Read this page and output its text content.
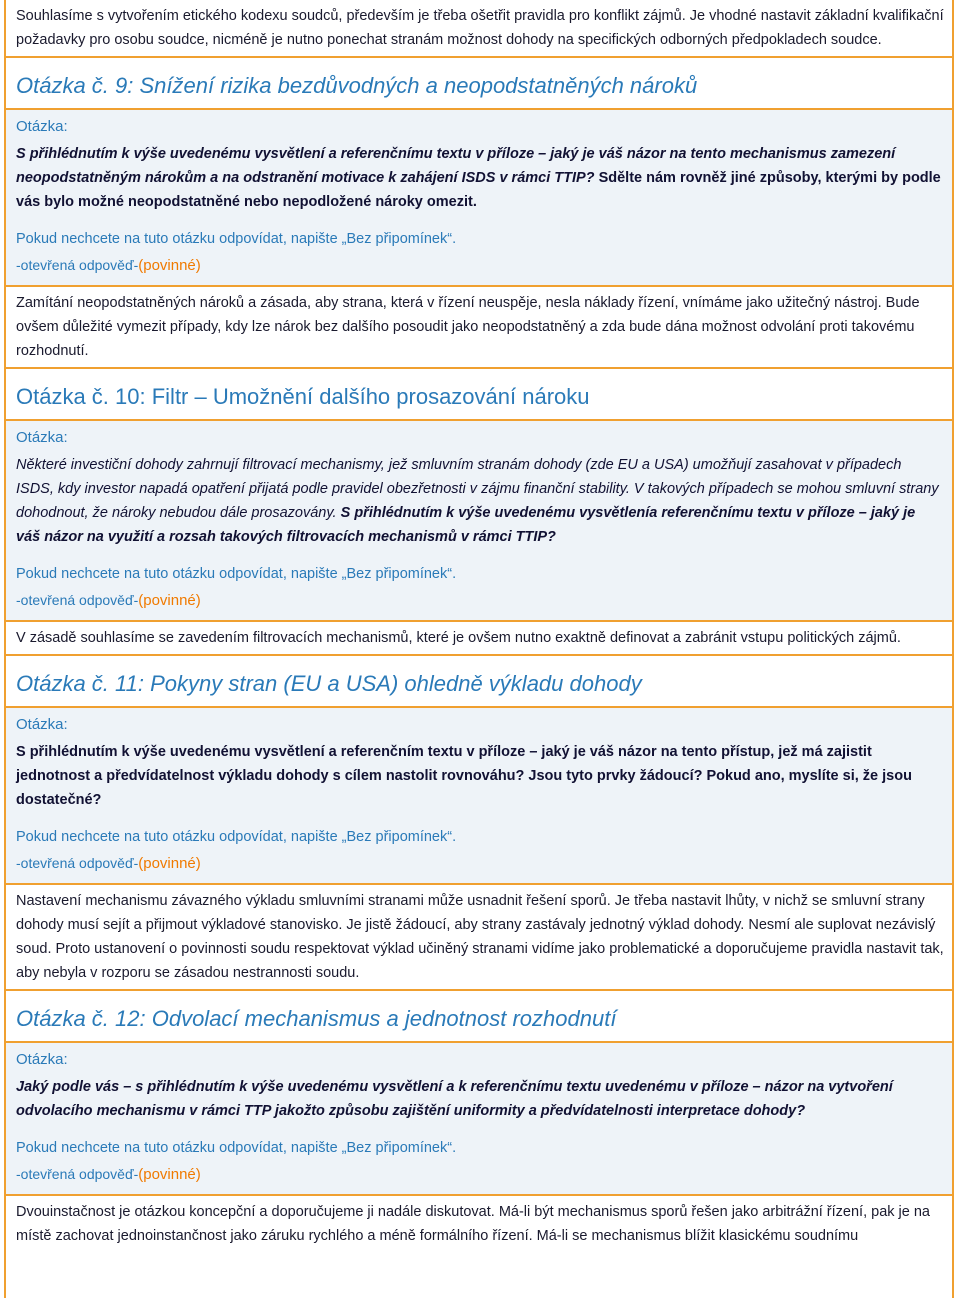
Souhlasíme s vytvořením etického kodexu soudců, především je třeba ošetřit pravidla pro konflikt zájmů. Je vhodné nastavit základní kvalifikační požadavky pro osobu soudce, nicméně je nutno ponechat stranám možnost dohody na specifických odborných předpokladech soudce.
Otázka č. 9: Snížení rizika bezdůvodných a neopodstatněných nároků
Otázka:
S přihlédnutím k výše uvedenému vysvětlení a referenčnímu textu v příloze – jaký je váš názor na tento mechanismus zamezení neopodstatněným nárokům a na odstranění motivace k zahájení ISDS v rámci TTIP? Sdělte nám rovněž jiné způsoby, kterými by podle vás bylo možné neopodstatněné nebo nepodložené nároky omezit.
Pokud nechcete na tuto otázku odpovídat, napište „Bez připomínek“.
-otevřená odpověď-(povinné)
Zamítání neopodstatněných nároků a zásada, aby strana, která v řízení neuspěje, nesla náklady řízení, vnímáme jako užitečný nástroj. Bude ovšem důležité vymezit případy, kdy lze nárok bez dalšího posoudit jako neopodstatněný a zda bude dána možnost odvolání proti takovému rozhodnutí.
Otázka č. 10: Filtr – Umožnění dalšího prosazování nároku
Otázka:
Některé investiční dohody zahrnují filtrovací mechanismy, jež smluvním stranám dohody (zde EU a USA) umožňují zasahovat v případech ISDS, kdy investor napadá opatření přijatá podle pravidel obezřetnosti v zájmu finanční stability. V takových případech se mohou smluvní strany dohodnout, že nároky nebudou dále prosazovány. S přihlédnutím k výše uvedenému vysvětlenía referenčnímu textu v příloze – jaký je váš názor na využití a rozsah takových filtrovacích mechanismů v rámci TTIP?
Pokud nechcete na tuto otázku odpovídat, napište „Bez připomínek“.
-otevřená odpověď-(povinné)
V zásadě souhlasíme se zavedením filtrovacích mechanismů, které je ovšem nutno exaktně definovat a zabránit vstupu politických zájmů.
Otázka č. 11: Pokyny stran (EU a USA) ohledně výkladu dohody
Otázka:
S přihlédnutím k výše uvedenému vysvětlení a referenčním textu v příloze – jaký je váš názor na tento přístup, jež má zajistit jednotnost a předvídatelnost výkladu dohody s cílem nastolit rovnováhu? Jsou tyto prvky žádoucí? Pokud ano, myslíte si, že jsou dostatečné?
Pokud nechcete na tuto otázku odpovídat, napište „Bez připomínek“.
-otevřená odpověď-(povinné)
Nastavení mechanismu závazného výkladu smluvními stranami může usnadnit řešení sporů. Je třeba nastavit lhůty, v nichž se smluvní strany dohody musí sejít a přijmout výkladové stanovisko. Je jistě žádoucí, aby strany zastávaly jednotný výklad dohody. Nesmí ale suplovat nezávislý soud. Proto ustanovení o povinnosti soudu respektovat výklad učiněný stranami vidíme jako problematické a doporučujeme pravidla nastavit tak, aby nebyla v rozporu se zásadou nestrannosti soudu.
Otázka č. 12: Odvolací mechanismus a jednotnost rozhodnutí
Otázka:
Jaký podle vás – s přihlédnutím k výše uvedenému vysvětlení a k referenčnímu textu uvedenému v příloze – názor na vytvoření odvolacího mechanismu v rámci TTP jakožto způsobu zajištění uniformity a předvídatelnosti interpretace dohody?
Pokud nechcete na tuto otázku odpovídat, napište „Bez připomínek“.
-otevřená odpověď-(povinné)
Dvouinstačnost je otázkou koncepční a doporučujeme ji nadále diskutovat. Má-li být mechanismus sporů řešen jako arbitrážní řízení, pak je na místě zachovat jednoinstančnost jako záruku rychlého a méně formálního řízení. Má-li se mechanismus blížit klasickému soudnímu
